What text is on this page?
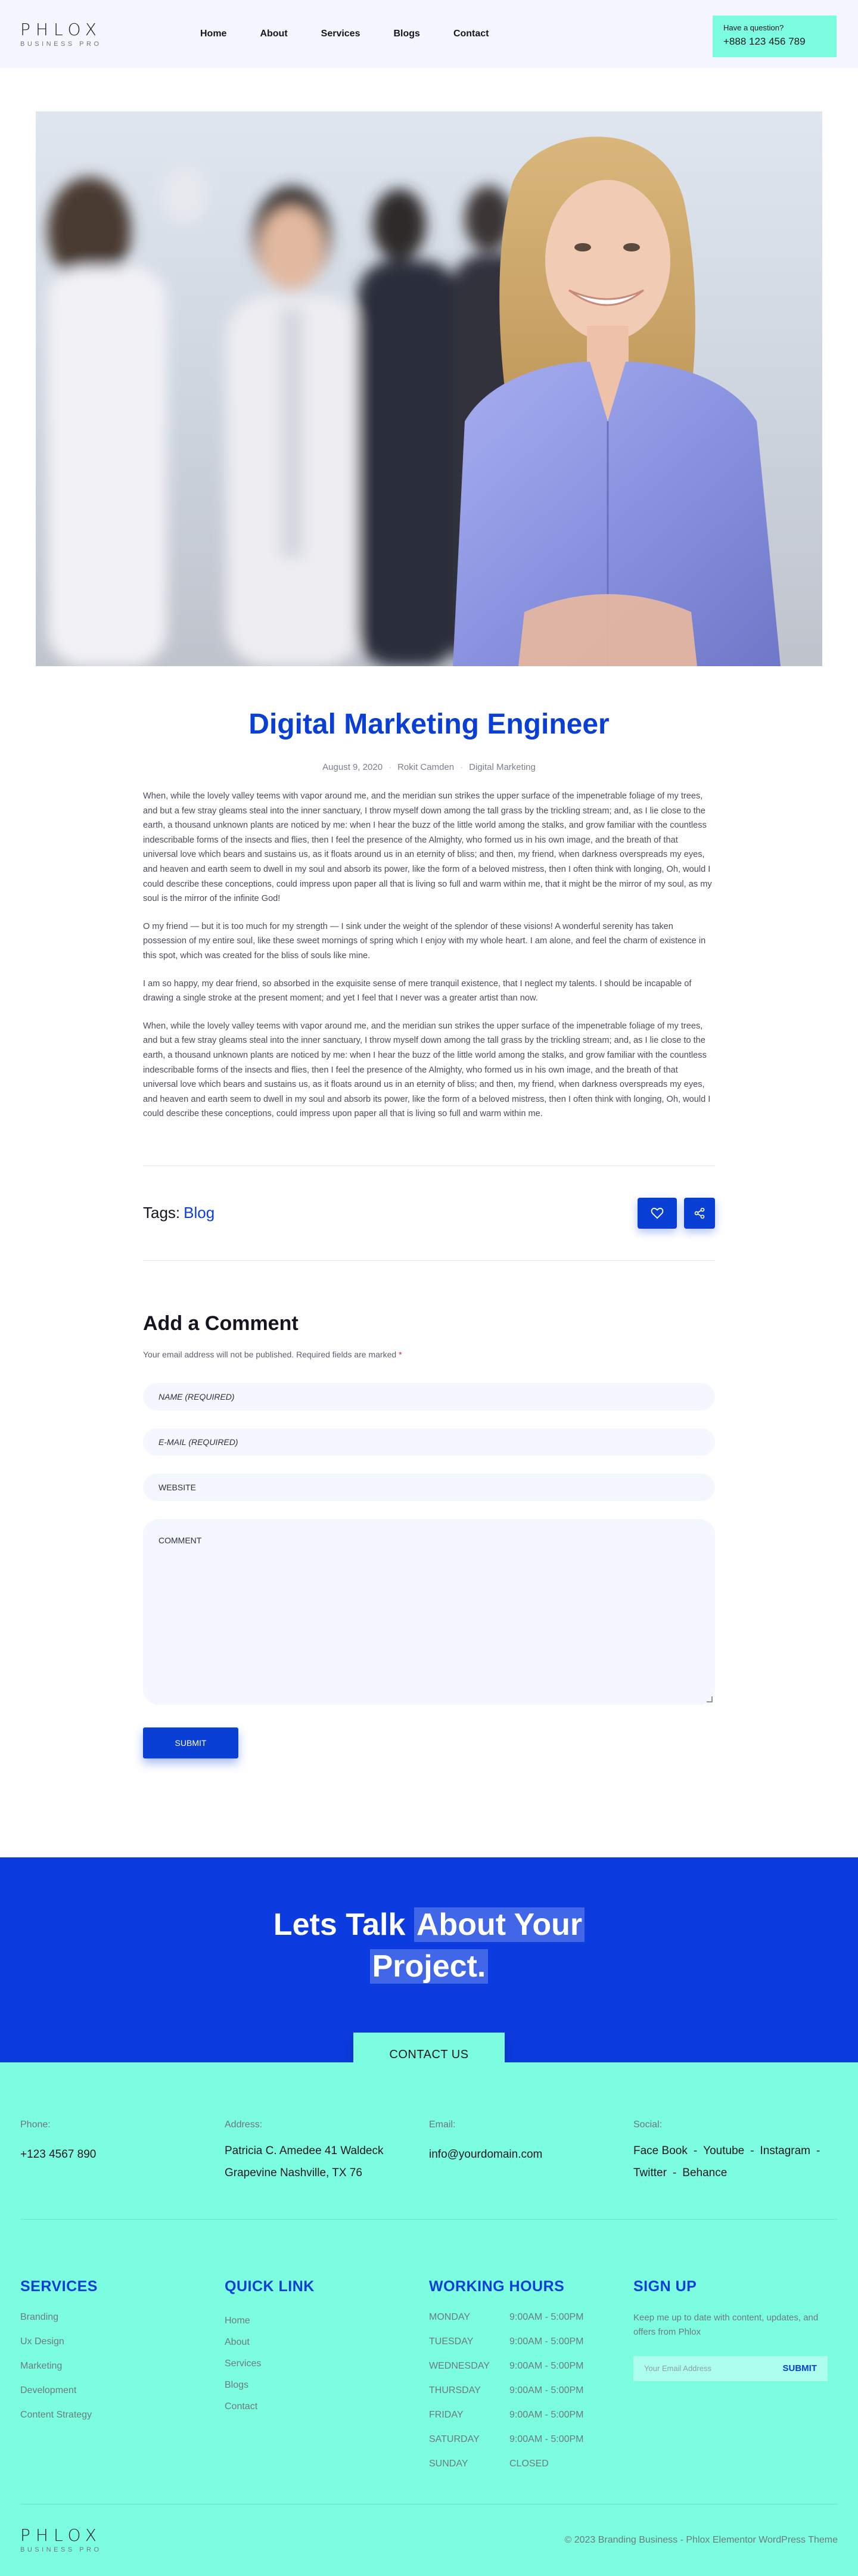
PHLOX
BUSINESS PRO
Home	About	Services	Blogs	Contact
Have a question?
+888 123 456 789
Digital Marketing Engineer
August 9, 2020 · Rokit Camden · Digital Marketing

When, while the lovely valley teems with vapor around me, and the meridian sun strikes the upper surface of the impenetrable foliage of my trees, and but a few stray gleams steal into the inner sanctuary, I throw myself down among the tall grass by the trickling stream; and, as I lie close to the earth, a thousand unknown plants are noticed by me: when I hear the buzz of the little world among the stalks, and grow familiar with the countless indescribable forms of the insects and flies, then I feel the presence of the Almighty, who formed us in his own image, and the breath of that universal love which bears and sustains us, as it floats around us in an eternity of bliss; and then, my friend, when darkness overspreads my eyes, and heaven and earth seem to dwell in my soul and absorb its power, like the form of a beloved mistress, then I often think with longing, Oh, would I could describe these conceptions, could impress upon paper all that is living so full and warm within me, that it might be the mirror of my soul, as my soul is the mirror of the infinite God!

O my friend — but it is too much for my strength — I sink under the weight of the splendor of these visions! A wonderful serenity has taken possession of my entire soul, like these sweet mornings of spring which I enjoy with my whole heart. I am alone, and feel the charm of existence in this spot, which was created for the bliss of souls like mine.

I am so happy, my dear friend, so absorbed in the exquisite sense of mere tranquil existence, that I neglect my talents. I should be incapable of drawing a single stroke at the present moment; and yet I feel that I never was a greater artist than now.

When, while the lovely valley teems with vapor around me, and the meridian sun strikes the upper surface of the impenetrable foliage of my trees, and but a few stray gleams steal into the inner sanctuary, I throw myself down among the tall grass by the trickling stream; and, as I lie close to the earth, a thousand unknown plants are noticed by me: when I hear the buzz of the little world among the stalks, and grow familiar with the countless indescribable forms of the insects and flies, then I feel the presence of the Almighty, who formed us in his own image, and the breath of that universal love which bears and sustains us, as it floats around us in an eternity of bliss; and then, my friend, when darkness overspreads my eyes, and heaven and earth seem to dwell in my soul and absorb its power, like the form of a beloved mistress, then I often think with longing, Oh, would I could describe these conceptions, could impress upon paper all that is living so full and warm within me.

Tags: Blog
Add a Comment

Your email address will not be published. Required fields are marked *

NAME (REQUIRED)
E-MAIL (REQUIRED)
WEBSITE
COMMENT
SUBMIT
Lets Talk About Your
Project.
CONTACT US
Phone:
+123 4567 890
Address:
Patricia C. Amedee 41 Waldeck
Grapevine Nashville, TX 76
Email:
info@yourdomain.com
Social:
Face Book - Youtube - Instagram -
Twitter - Behance
SERVICES
Branding
Ux Design
Marketing
Development
Content Strategy
QUICK LINK
Home
About
Services
Blogs
Contact
WORKING HOURS
MONDAY	9:00AM - 5:00PM
TUESDAY	9:00AM - 5:00PM
WEDNESDAY	9:00AM - 5:00PM
THURSDAY	9:00AM - 5:00PM
FRIDAY	9:00AM - 5:00PM
SATURDAY	9:00AM - 5:00PM
SUNDAY	CLOSED
SIGN UP
Keep me up to date with content, updates, and offers from Phlox
Your Email Address	SUBMIT
PHLOX
BUSINESS PRO
© 2023 Branding Business - Phlox Elementor WordPress Theme
